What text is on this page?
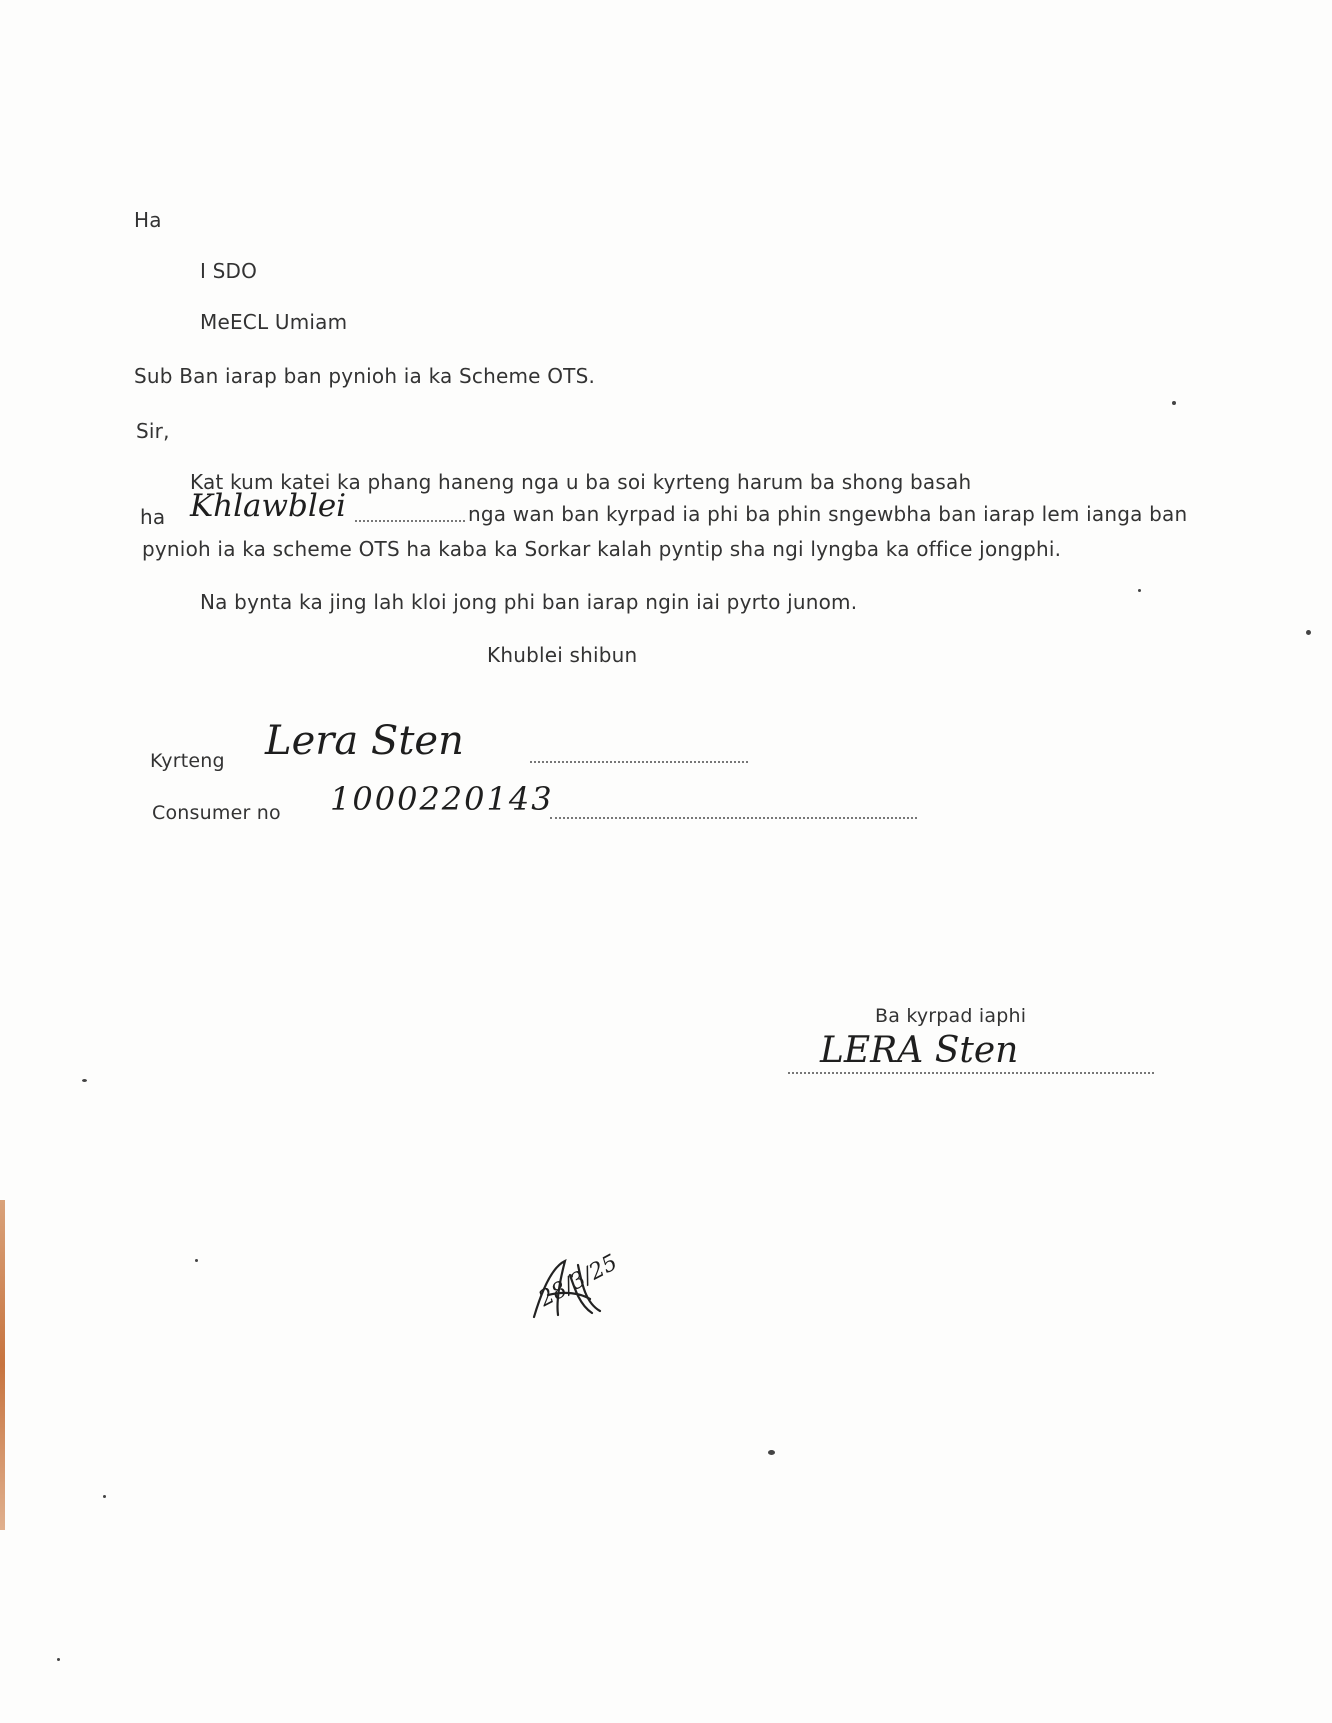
Ha
I SDO
MeECL Umiam
Sub Ban iarap ban pynioh ia ka Scheme OTS.
Sir,
Kat kum katei ka phang haneng nga u ba soi kyrteng harum ba shong basah
ha Khlawblei	nga wan ban kyrpad ia phi ba phin sngewbha ban iarap lem ianga ban
pynioh ia ka scheme OTS ha kaba ka Sorkar kalah pyntip sha ngi lyngba ka office jongphi.
Na bynta ka jing lah kloi jong phi ban iarap ngin iai pyrto junom.
Khublei shibun
Kyrteng Lera Sten
Consumer no 1000220143
Ba kyrpad iaphi
LERA Sten
28/3/25
